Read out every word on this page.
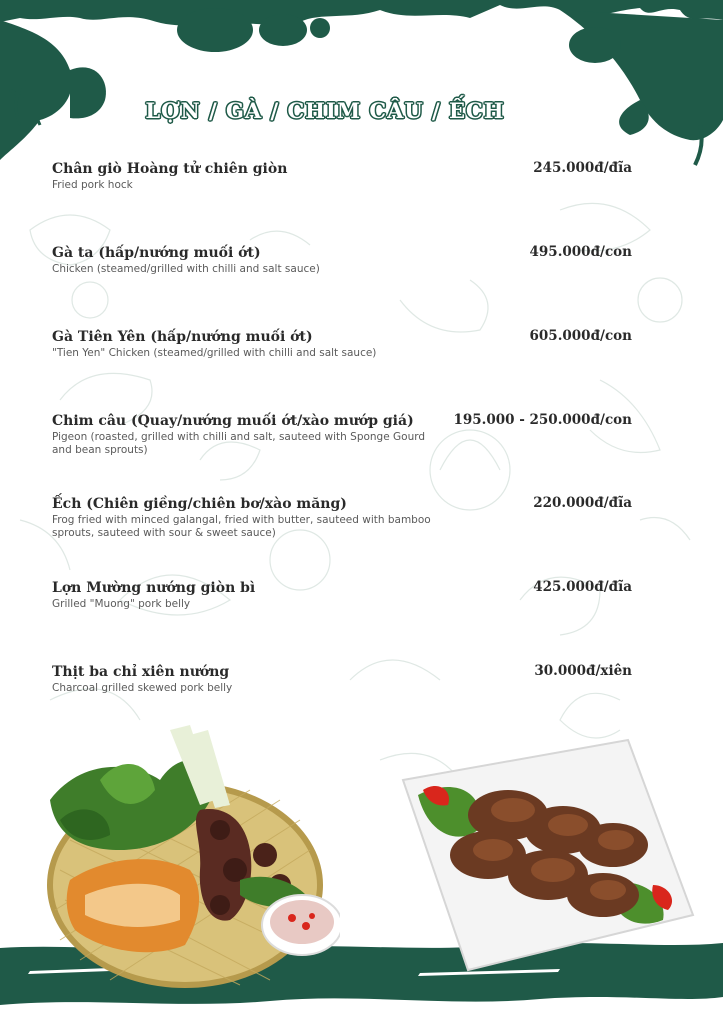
LỢN / GÀ / CHIM CÂU / ẾCH
Chân giò Hoàng tử chiên giòn
Fried pork hock
245.000đ/đĩa
Gà ta (hấp/nướng muối ớt)
Chicken (steamed/grilled with chilli and salt sauce)
495.000đ/con
Gà Tiên Yên (hấp/nướng muối ớt)
"Tien Yen" Chicken (steamed/grilled with chilli and salt sauce)
605.000đ/con
Chim câu (Quay/nướng muối ớt/xào mướp giá)
Pigeon (roasted, grilled with chilli and salt, sauteed with Sponge Gourd and bean sprouts)
195.000 - 250.000đ/con
Ếch (Chiên giềng/chiên bơ/xào măng)
Frog fried with minced galangal, fried with butter, sauteed with bamboo sprouts, sauteed with sour & sweet sauce)
220.000đ/đĩa
Lợn Mường nướng giòn bì
Grilled "Muong" pork belly
425.000đ/đĩa
Thịt ba chỉ xiên nướng
Charcoal grilled skewed pork belly
30.000đ/xiên
